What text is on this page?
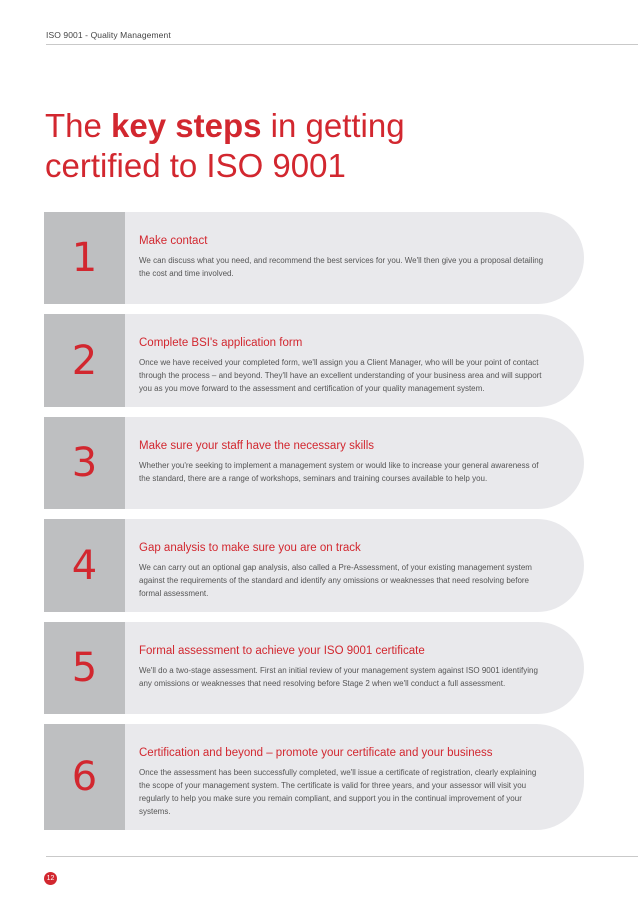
ISO 9001 - Quality Management
The key steps in getting
certified to ISO 9001
1	Make contact

We can discuss what you need, and recommend the best services for you. We'll then give you a proposal detailing the cost and time involved.

2	Complete BSI's application form

Once we have received your completed form, we'll assign you a Client Manager, who will be your point of contact through the process – and beyond. They'll have an excellent understanding of your business area and will support you as you move forward to the assessment and certification of your quality management system.

3	Make sure your staff have the necessary skills

Whether you're seeking to implement a management system or would like to increase your general awareness of the standard, there are a range of workshops, seminars and training courses available to help you.

4	Gap analysis to make sure you are on track

We can carry out an optional gap analysis, also called a Pre-Assessment, of your existing management system against the requirements of the standard and identify any omissions or weaknesses that need resolving before formal assessment.

5	Formal assessment to achieve your ISO 9001 certificate

We'll do a two-stage assessment. First an initial review of your management system against ISO 9001 identifying any omissions or weaknesses that need resolving before Stage 2 when we'll conduct a full assessment.

6

Certification and beyond – promote your certificate and your business

Once the assessment has been successfully completed, we'll issue a certificate of registration, clearly explaining the scope of your management system. The certificate is valid for three years, and your assessor will visit you regularly to help you make sure you remain compliant, and support you in the continual improvement of your systems.

12
